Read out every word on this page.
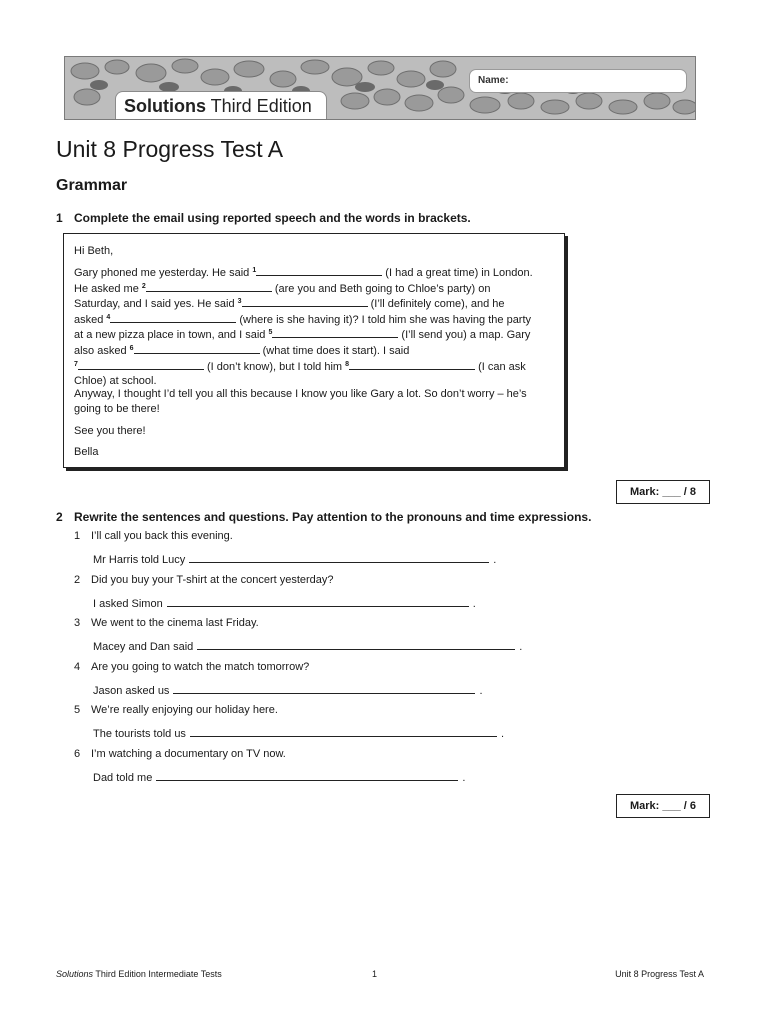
Name:
Solutions Third Edition
Unit 8 Progress Test A
Grammar
1 Complete the email using reported speech and the words in brackets.
Hi Beth,
Gary phoned me yesterday. He said $^1$	(I had a great time) in London.
He asked me $^2$	(are you and Beth going to Chloe’s party) on
Saturday, and I said yes. He said $^3$	(I’ll definitely come), and he
asked $^4$	(where is she having it)? I told him she was having the party
at a new pizza place in town, and I said $^5$	(I’ll send you) a map. Gary
also asked $^6$	(what time does it start). I said
$^7$	(I don’t know), but I told him $^8$	(I can ask
Chloe) at school.
Anyway, I thought I’d tell you all this because I know you like Gary a lot. So don’t worry – he’s
going to be there!
See you there!
Bella
Mark: ___ / 8
2 Rewrite the sentences and questions. Pay attention to the pronouns and time expressions.
1 I’ll call you back this evening.
Mr Harris told Lucy	.
2 Did you buy your T-shirt at the concert yesterday?
I asked Simon	.
3 We went to the cinema last Friday.
Macey and Dan said	.
4 Are you going to watch the match tomorrow?
Jason asked us	.
5 We’re really enjoying our holiday here.
The tourists told us	.
6 I’m watching a documentary on TV now.
Dad told me	.
Mark: ___ / 6
Solutions Third Edition Intermediate Tests	1	Unit 8 Progress Test A
